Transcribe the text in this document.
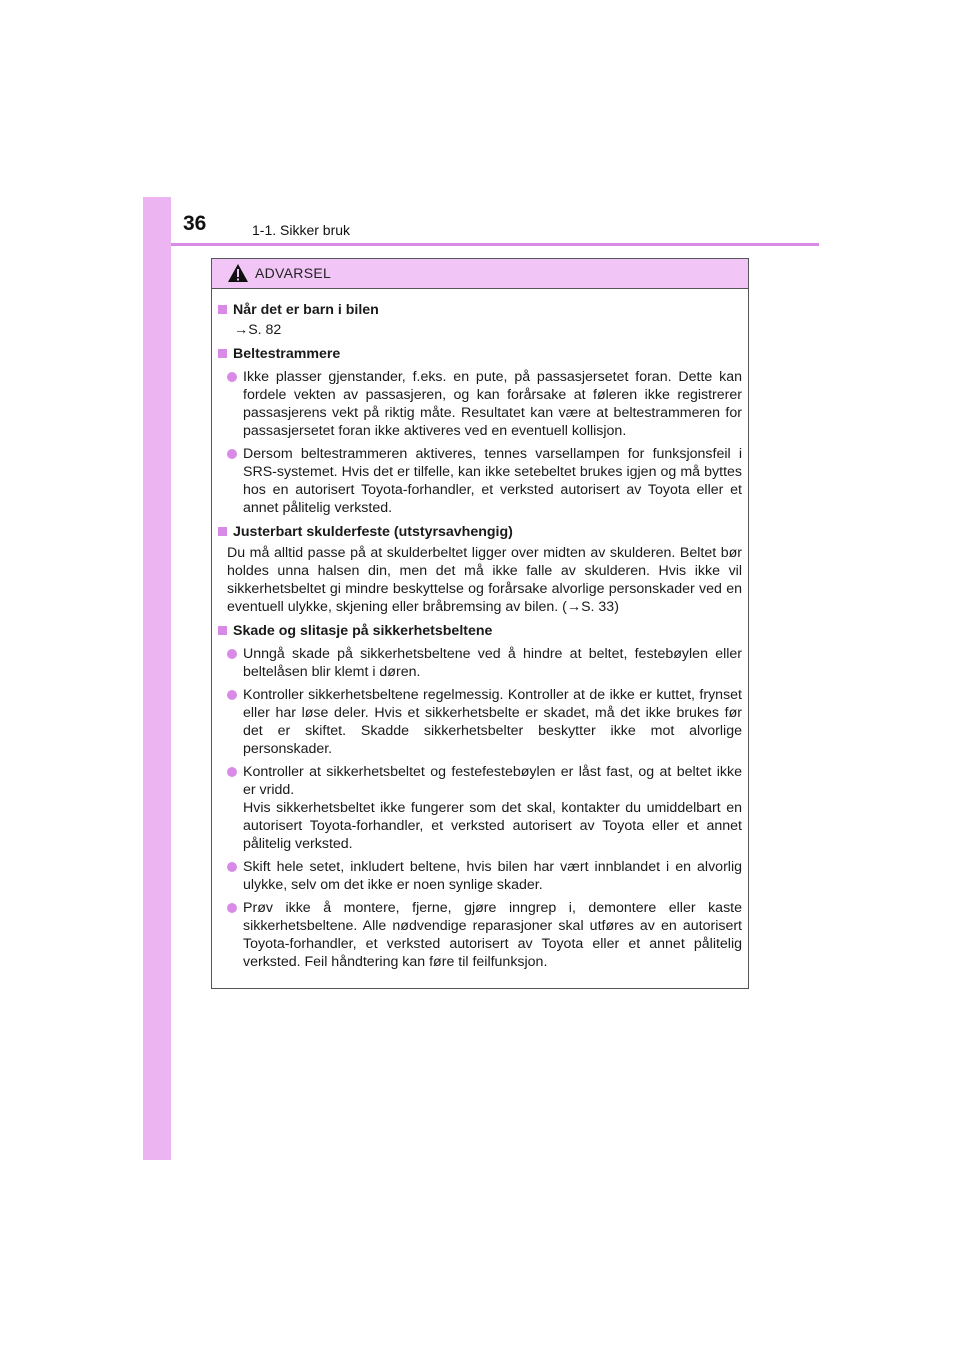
36	1-1. Sikker bruk
ADVARSEL
Når det er barn i bilen
→S. 82
Beltestrammere
Ikke plasser gjenstander, f.eks. en pute, på passasjersetet foran. Dette kan fordele vekten av passasjeren, og kan forårsake at føleren ikke registrerer passasjerens vekt på riktig måte. Resultatet kan være at beltestrammeren for passasjersetet foran ikke aktiveres ved en eventuell kollisjon.
Dersom beltestrammeren aktiveres, tennes varsellampen for funksjonsfeil i SRS-systemet. Hvis det er tilfelle, kan ikke setebeltet brukes igjen og må byttes hos en autorisert Toyota-forhandler, et verksted autorisert av Toyota eller et annet pålitelig verksted.
Justerbart skulderfeste (utstyrsavhengig)
Du må alltid passe på at skulderbeltet ligger over midten av skulderen. Beltet bør holdes unna halsen din, men det må ikke falle av skulderen. Hvis ikke vil sikkerhetsbeltet gi mindre beskyttelse og forårsake alvorlige personskader ved en eventuell ulykke, skjening eller bråbremsing av bilen. (→S. 33)
Skade og slitasje på sikkerhetsbeltene
Unngå skade på sikkerhetsbeltene ved å hindre at beltet, festebøylen eller beltelåsen blir klemt i døren.
Kontroller sikkerhetsbeltene regelmessig. Kontroller at de ikke er kuttet, frynset eller har løse deler. Hvis et sikkerhetsbelte er skadet, må det ikke brukes før det er skiftet. Skadde sikkerhetsbelter beskytter ikke mot alvorlige personskader.
Kontroller at sikkerhetsbeltet og festefestebøylen er låst fast, og at beltet ikke er vridd.
Hvis sikkerhetsbeltet ikke fungerer som det skal, kontakter du umiddelbart en autorisert Toyota-forhandler, et verksted autorisert av Toyota eller et annet pålitelig verksted.
Skift hele setet, inkludert beltene, hvis bilen har vært innblandet i en alvorlig ulykke, selv om det ikke er noen synlige skader.
Prøv ikke å montere, fjerne, gjøre inngrep i, demontere eller kaste sikkerhetsbeltene. Alle nødvendige reparasjoner skal utføres av en autorisert Toyota-forhandler, et verksted autorisert av Toyota eller et annet pålitelig verksted. Feil håndtering kan føre til feilfunksjon.
